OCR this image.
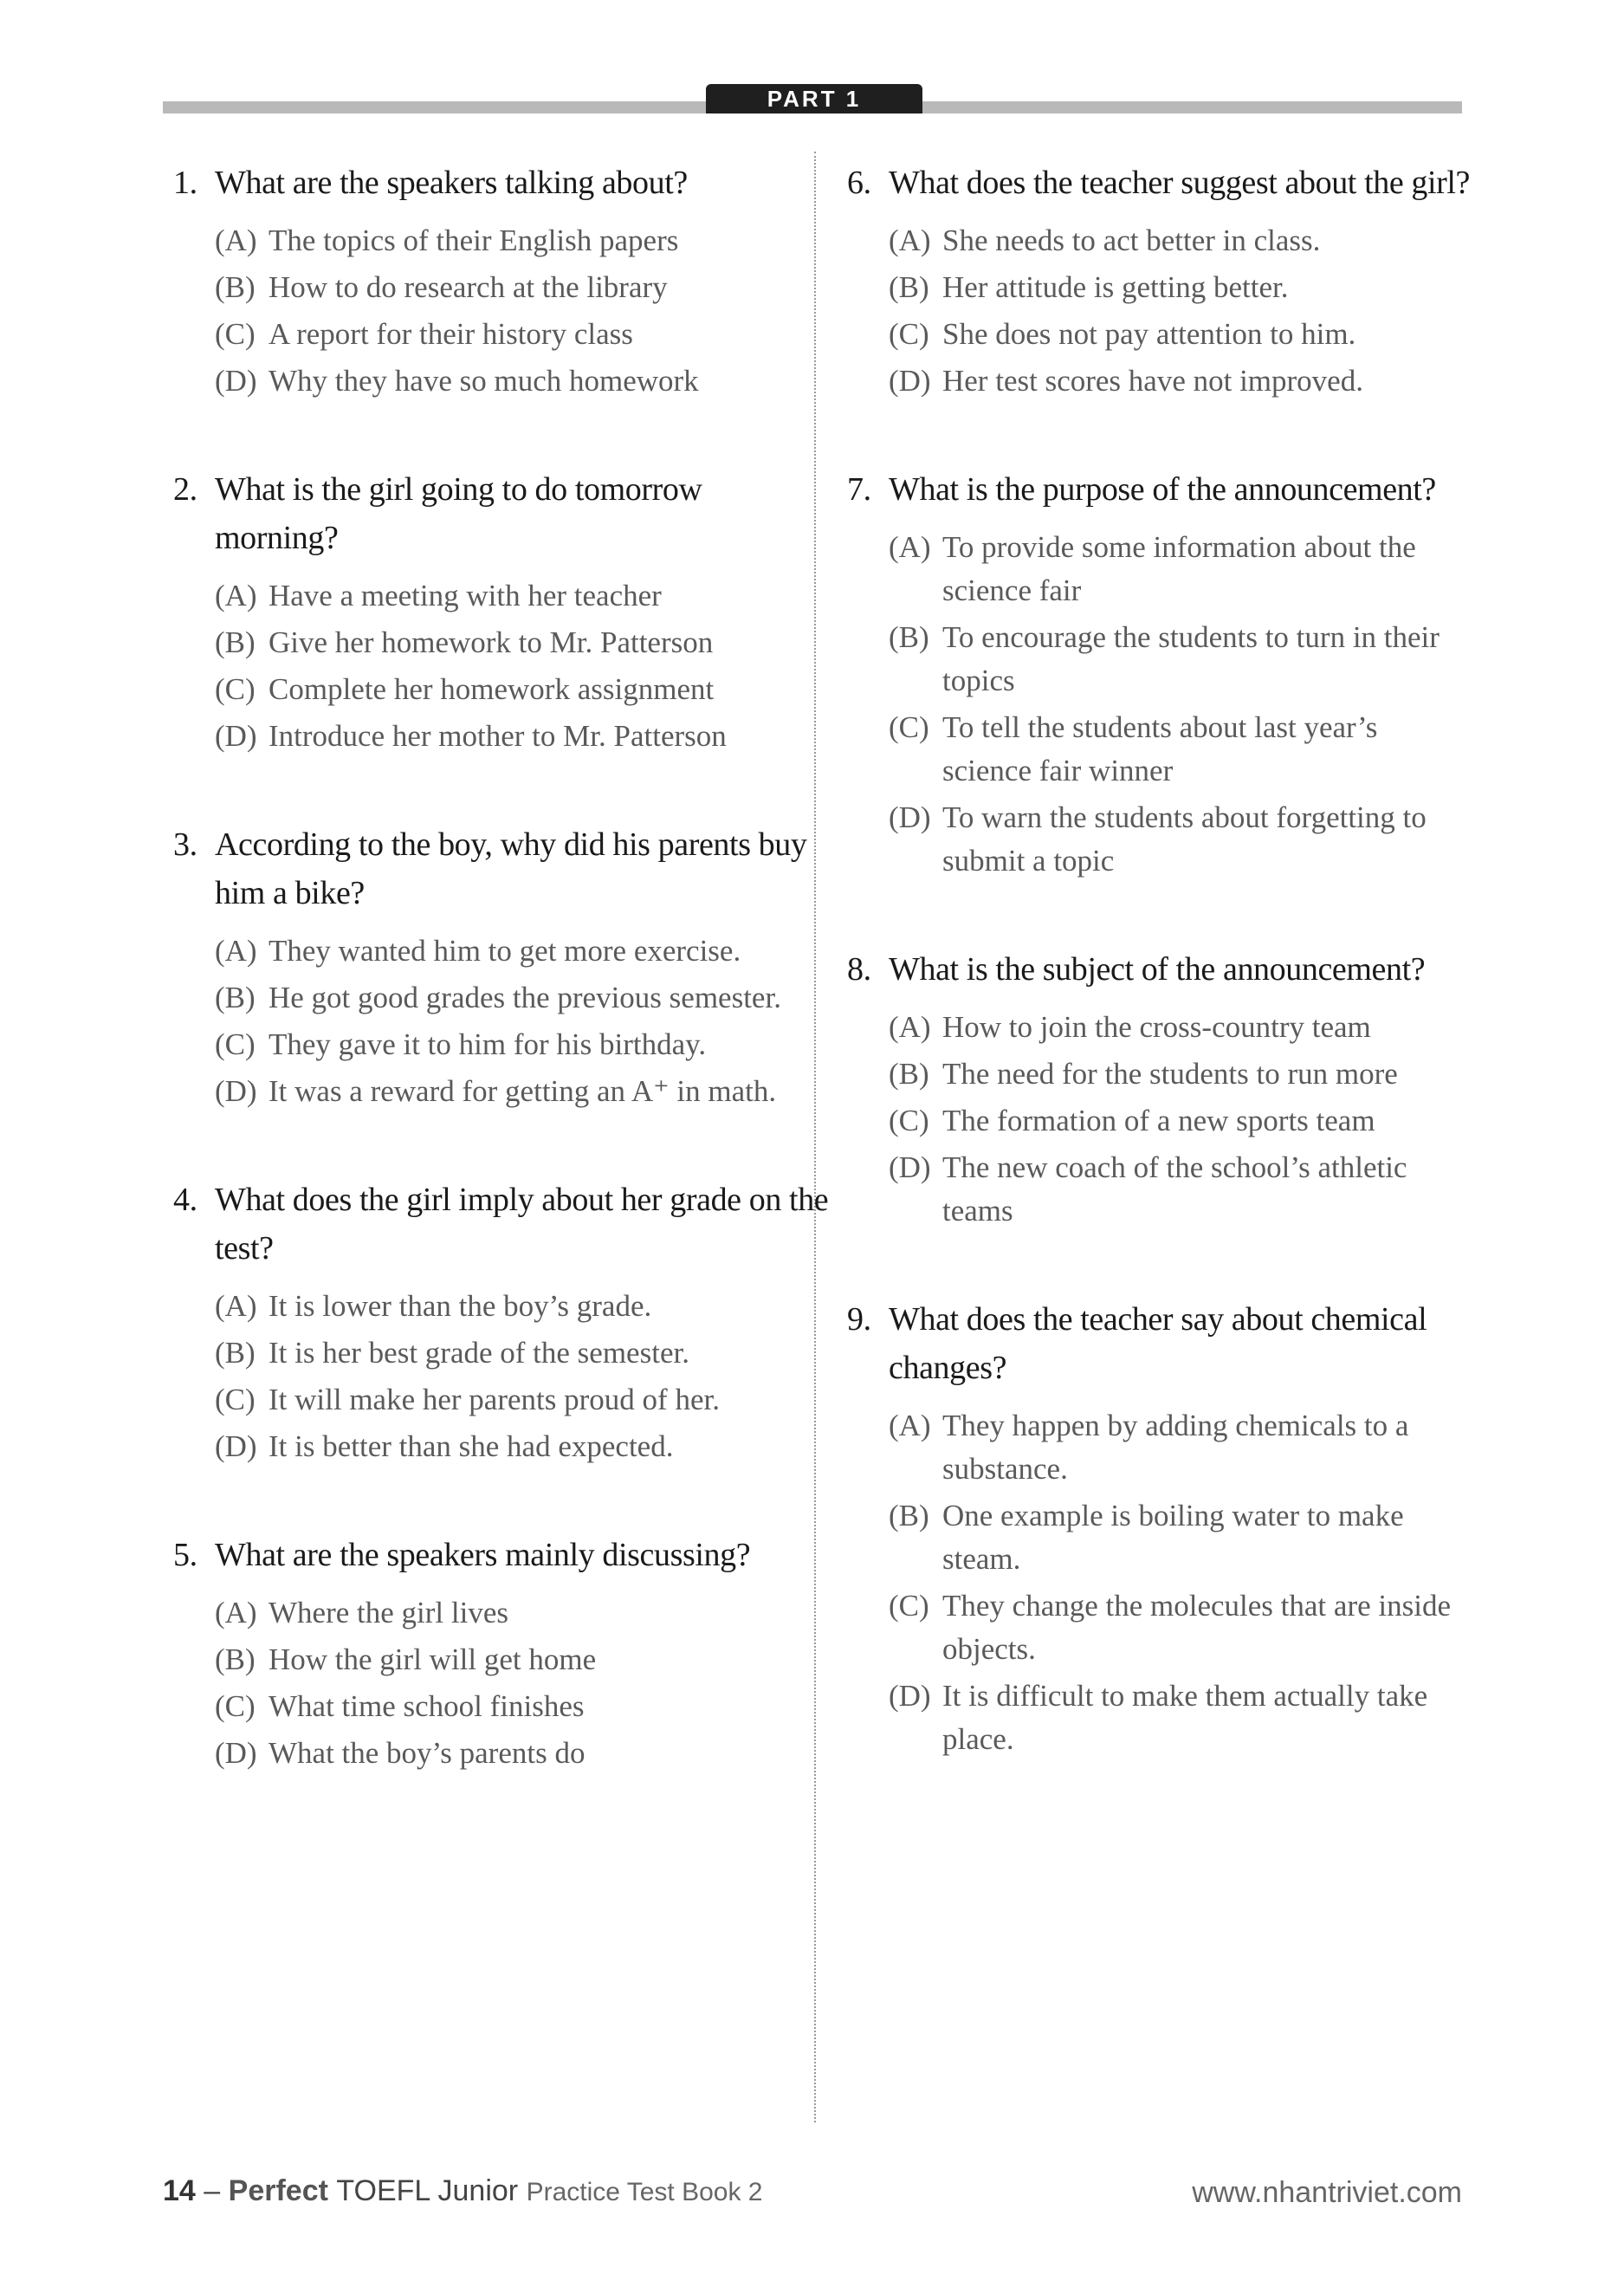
PART 1
1. What are the speakers talking about?
(A) The topics of their English papers
(B) How to do research at the library
(C) A report for their history class
(D) Why they have so much homework
2. What is the girl going to do tomorrow morning?
(A) Have a meeting with her teacher
(B) Give her homework to Mr. Patterson
(C) Complete her homework assignment
(D) Introduce her mother to Mr. Patterson
3. According to the boy, why did his parents buy him a bike?
(A) They wanted him to get more exercise.
(B) He got good grades the previous semester.
(C) They gave it to him for his birthday.
(D) It was a reward for getting an A⁺ in math.
4. What does the girl imply about her grade on the test?
(A) It is lower than the boy’s grade.
(B) It is her best grade of the semester.
(C) It will make her parents proud of her.
(D) It is better than she had expected.
5. What are the speakers mainly discussing?
(A) Where the girl lives
(B) How the girl will get home
(C) What time school finishes
(D) What the boy’s parents do
6. What does the teacher suggest about the girl?
(A) She needs to act better in class.
(B) Her attitude is getting better.
(C) She does not pay attention to him.
(D) Her test scores have not improved.
7. What is the purpose of the announcement?
(A) To provide some information about the science fair
(B) To encourage the students to turn in their topics
(C) To tell the students about last year’s science fair winner
(D) To warn the students about forgetting to submit a topic
8. What is the subject of the announcement?
(A) How to join the cross-country team
(B) The need for the students to run more
(C) The formation of a new sports team
(D) The new coach of the school’s athletic teams
9. What does the teacher say about chemical changes?
(A) They happen by adding chemicals to a substance.
(B) One example is boiling water to make steam.
(C) They change the molecules that are inside objects.
(D) It is difficult to make them actually take place.
14 – Perfect TOEFL Junior Practice Test Book 2	www.nhantriviet.com
